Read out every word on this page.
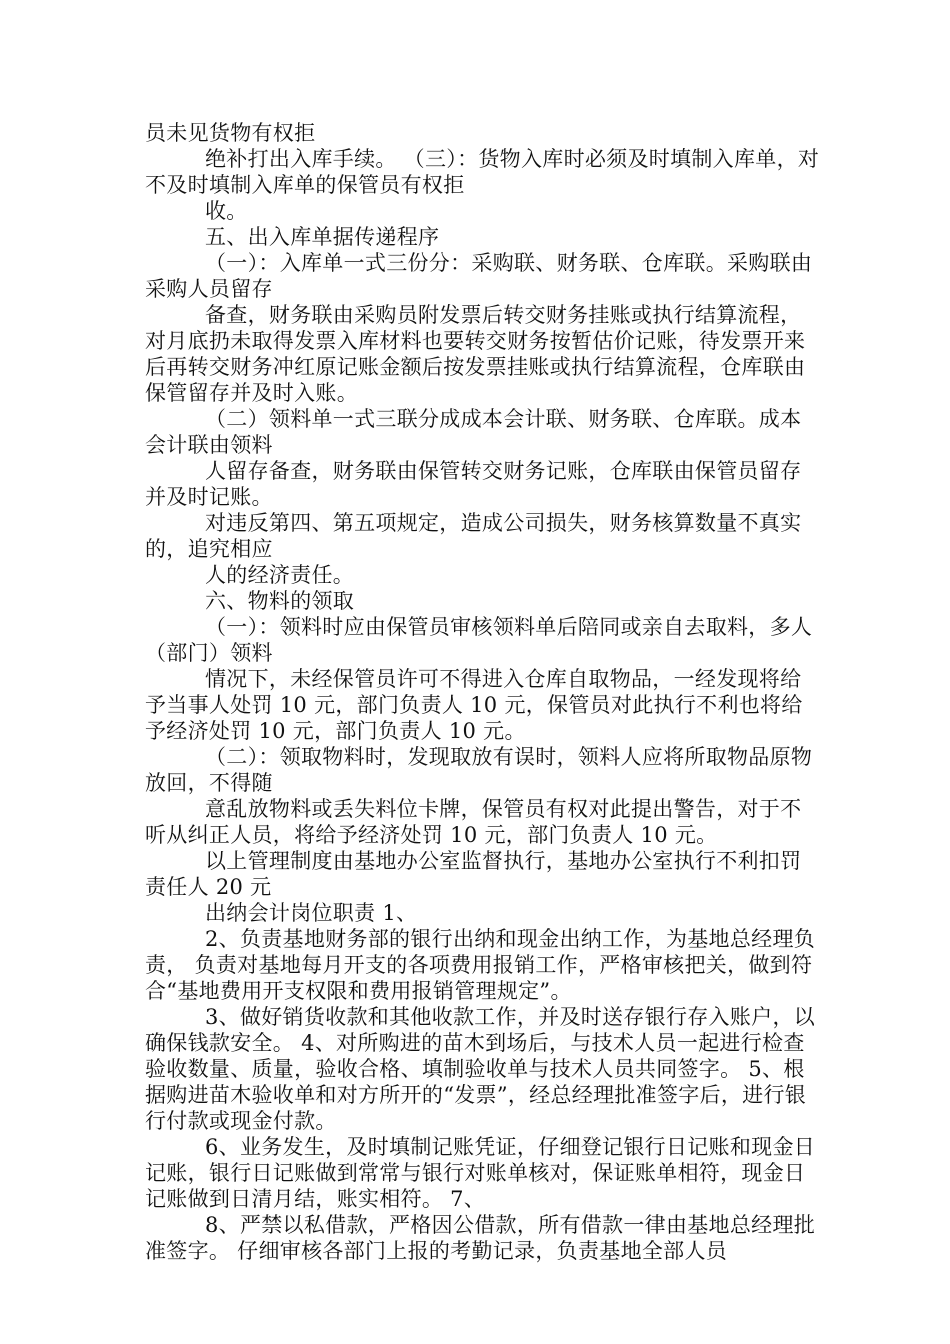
员未见货物有权拒

绝补打出入库手续。 （三）：货物入库时必须及时填制入库单，对不及时填制入库单的保管员有权拒

收。

五、出入库单据传递程序

（一）：入库单一式三份分：采购联、财务联、仓库联。采购联由采购人员留存

备查，财务联由采购员附发票后转交财务挂账或执行结算流程，对月底扔未取得发票入库材料也要转交财务按暂估价记账，待发票开来后再转交财务冲红原记账金额后按发票挂账或执行结算流程，仓库联由保管留存并及时入账。

（二）领料单一式三联分成成本会计联、财务联、仓库联。成本会计联由领料

人留存备查，财务联由保管转交财务记账，仓库联由保管员留存并及时记账。

对违反第四、第五项规定，造成公司损失，财务核算数量不真实的，追究相应

人的经济责任。

六、物料的领取

（一）：领料时应由保管员审核领料单后陪同或亲自去取料，多人（部门）领料

情况下，未经保管员许可不得进入仓库自取物品，一经发现将给予当事人处罚 10 元，部门负责人 10 元，保管员对此执行不利也将给予经济处罚 10 元，部门负责人 10 元。

（二）：领取物料时，发现取放有误时，领料人应将所取物品原物放回，不得随

意乱放物料或丢失料位卡牌，保管员有权对此提出警告，对于不听从纠正人员，将给予经济处罚 10 元，部门负责人 10 元。

以上管理制度由基地办公室监督执行，基地办公室执行不利扣罚责任人 20 元

出纳会计岗位职责 1、

2、负责基地财务部的银行出纳和现金出纳工作，为基地总经理负责， 负责对基地每月开支的各项费用报销工作，严格审核把关，做到符合“基地费用开支权限和费用报销管理规定”。

3、做好销货收款和其他收款工作，并及时送存银行存入账户，以确保钱款安全。 4、对所购进的苗木到场后，与技术人员一起进行检查验收数量、质量，验收合格、填制验收单与技术人员共同签字。 5、根据购进苗木验收单和对方所开的“发票”，经总经理批准签字后，进行银行付款或现金付款。

6、业务发生，及时填制记账凭证，仔细登记银行日记账和现金日记账，银行日记账做到常常与银行对账单核对，保证账单相符，现金日记账做到日清月结，账实相符。 7、

8、严禁以私借款，严格因公借款，所有借款一律由基地总经理批准签字。 仔细审核各部门上报的考勤记录，负责基地全部人员
